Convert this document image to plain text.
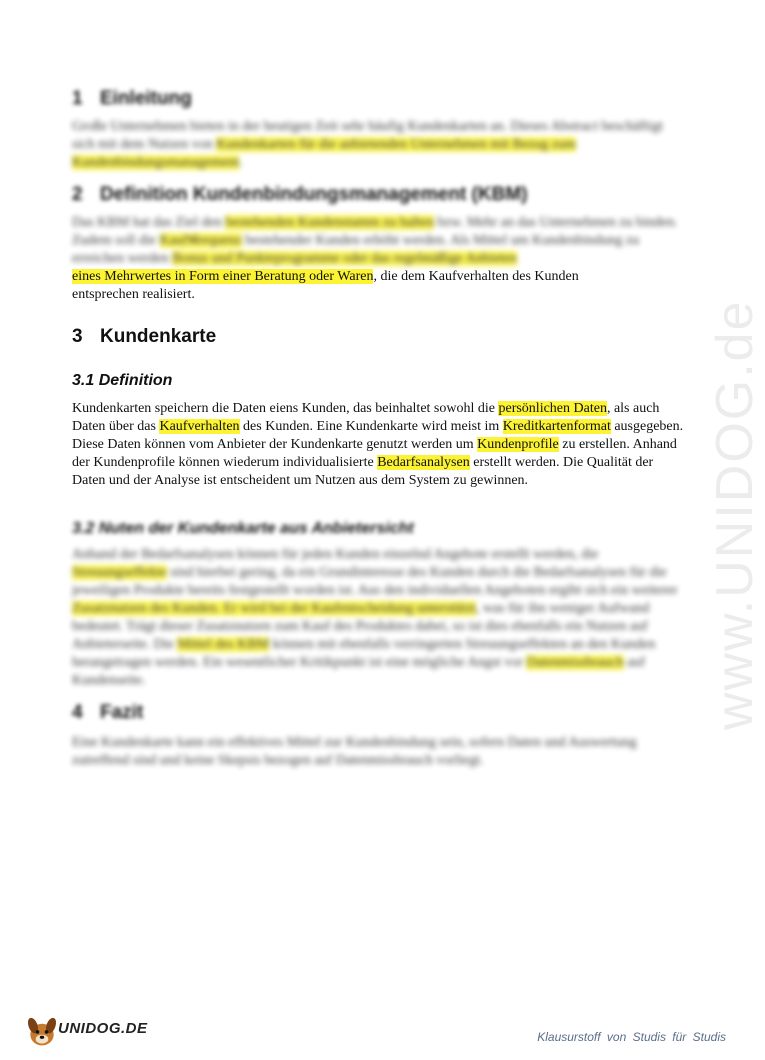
www.UNIDOG.de
1 Einleitung
Große Unternehmen bieten in der heutigen Zeit sehr häufig Kundenkarten an. Dieses Abstract beschäftigt sich mit dem Nutzen von Kundenkarten für die anbietenden Unternehmen mit Bezug zum Kundenbindungsmanagement.
2 Definition Kundenbindungsmanagement (KBM)
Das KBM hat das Ziel den bestehenden Kundenstamm zu halten bzw. Mehr an das Unternehmen zu binden. Zudem soll die Kaufฟrequenz bestehender Kunden erhöht werden. Als Mittel um Kundenbindung zu erreichen werden Bonus und Punkteprogramme oder das regelmäßige Anbieten
eines Mehrwertes in Form einer Beratung oder Waren, die dem Kaufverhalten des Kunden
entsprechen realisiert.
3 Kundenkarte
3.1 Definition
Kundenkarten speichern die Daten eiens Kunden, das beinhaltet sowohl die persönlichen Daten, als auch Daten über das Kaufverhalten des Kunden. Eine Kundenkarte wird meist im Kreditkartenformat ausgegeben. Diese Daten können vom Anbieter der Kundenkarte genutzt werden um Kundenprofile zu erstellen. Anhand der Kundenprofile können wiederum individualisierte Bedarfsanalysen erstellt werden. Die Qualität der Daten und der Analyse ist entscheident um Nutzen aus dem System zu gewinnen.
3.2 Nuten der Kundenkarte aus Anbietersicht
Anhand der Bedarfsanalysen können für jeden Kunden einzelnd Angebote erstellt werden, die Streuungseffekte sind hierbei gering, da ein Grundinteresse des Kunden durch die Bedarfsanalysen für die jeweiligen Produkte bereits festgestellt worden ist. Aus den individuellen Angeboten ergibt sich ein weiterer Zusatznutzen des Kunden. Er wird bei der Kaufentscheidung unterstützt, was für ihn weniger Aufwand bedeutet. Trägt dieser Zusatznutzen zum Kauf des Produktes dabei, so ist dies ebenfalls ein Nutzen auf Anbieterseite. Die Mittel des KBM können mit ebenfalls verringerten Streuungseffekten an den Kunden herangetragen werden. Ein wesentlicher Kritikpunkt ist eine mögliche Angst vor Datenmissbrauch auf Kundenseite.
4 Fazit
Eine Kundenkarte kann ein effektives Mittel zur Kundenbindung sein, sofern Daten und Auswertung zutreffend sind und keine Skepsis bezogen auf Datenmissbrauch vorliegt.
UNIDOG.DE	Klausurstoff von Studis für Studis
